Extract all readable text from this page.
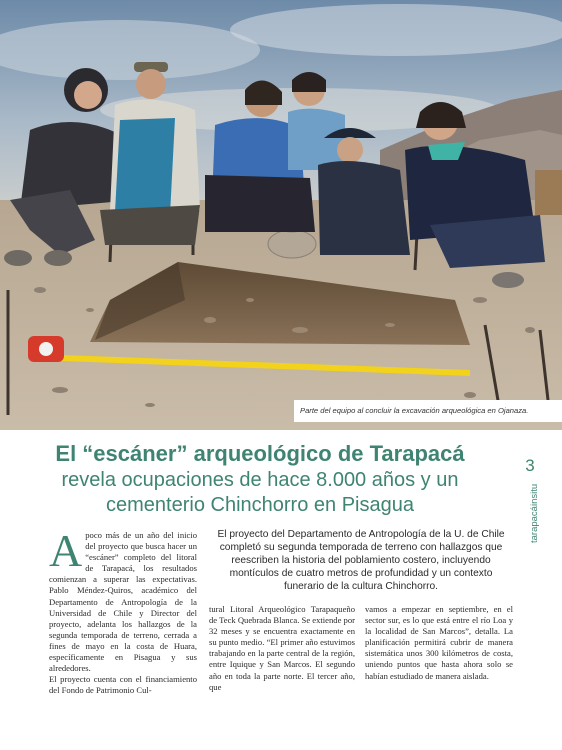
Parte del equipo al concluir la excavación arqueológica en Ojanaza.
El “escáner” arqueológico de Tarapacá
revela ocupaciones de hace 8.000 años y un
cementerio Chinchorro en Pisagua
3
tarapacáinsitu

A poco más de un año del inicio del proyecto que busca hacer un “escáner” completo del litoral de Tarapacá, los resultados comienzan a superar las expectativas. Pablo Méndez-Quiros, académico del Departamento de Antropología de la Universidad de Chile y Director del proyecto, adelanta los hallazgos de la segunda temporada de terreno, cerrada a fines de mayo en la costa de Huara, específicamente en Pisagua y sus alrededores.

El proyecto cuenta con el financiamiento del Fondo de Patrimonio Cul-

El proyecto del Departamento de Antropología de la U. de Chile completó su segunda temporada de terreno con hallazgos que reescriben la historia del poblamiento costero, incluyendo montículos de cuatro metros de profundidad y un contexto funerario de la cultura Chinchorro.

tural Litoral Arqueológico Tarapaqueño de Teck Quebrada Blanca. Se extiende por 32 meses y se encuentra exactamente en su punto medio. “El primer año estuvimos trabajando en la parte central de la región, entre Iquique y San Marcos. El segundo año en toda la parte norte. El tercer año, que

vamos a empezar en septiembre, en el sector sur, es lo que está entre el río Loa y la localidad de San Marcos”, detalla. La planificación permitirá cubrir de manera sistemática unos 300 kilómetros de costa, uniendo puntos que hasta ahora solo se habían estudiado de manera aislada.
